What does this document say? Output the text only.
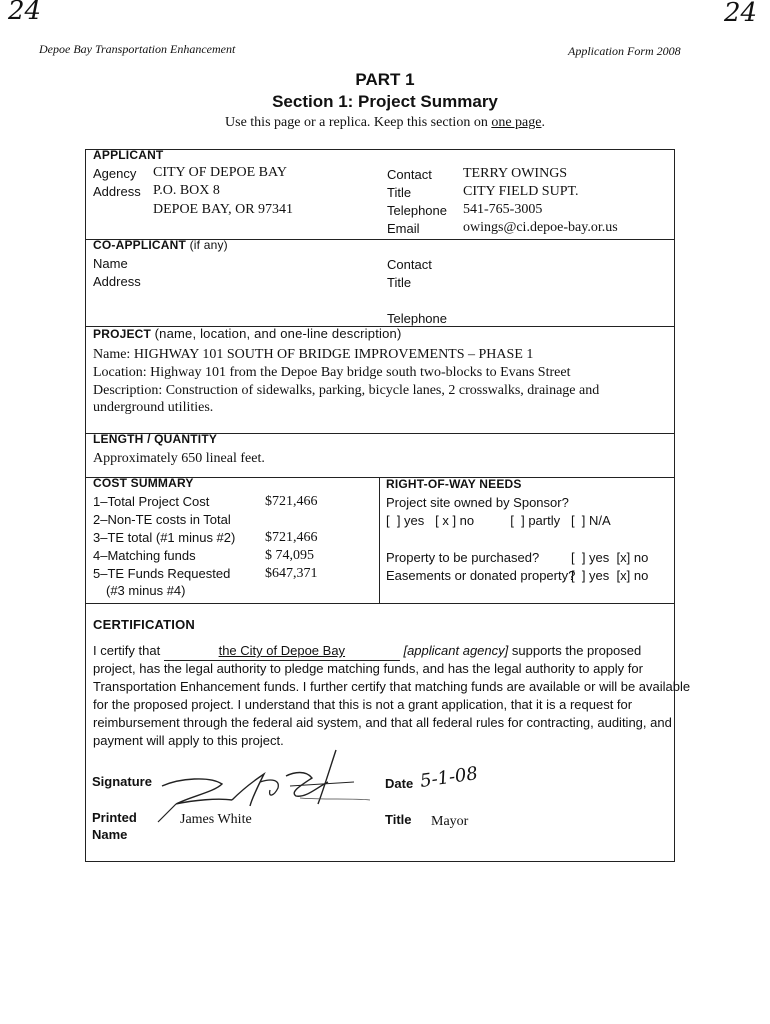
24	24
Depoe Bay Transportation Enhancement	Application Form 2008
PART 1
Section 1: Project Summary
Use this page or a replica. Keep this section on one page.
APPLICANT
Agency CITY OF DEPOE BAY
Address P.O. BOX 8
DEPOE BAY, OR 97341
Contact TERRY OWINGS
Title	CITY FIELD SUPT.
Telephone 541-765-3005
Email	owings@ci.depoe-bay.or.us
CO-APPLICANT (if any)
Name
Address
Contact
Title
Telephone
PROJECT (name, location, and one-line description)
Name: HIGHWAY 101 SOUTH OF BRIDGE IMPROVEMENTS – PHASE 1
Location: Highway 101 from the Depoe Bay bridge south two-blocks to Evans Street
Description: Construction of sidewalks, parking, bicycle lanes, 2 crosswalks, drainage and
underground utilities.
LENGTH / QUANTITY
Approximately 650 lineal feet.
COST SUMMARY
1–Total Project Cost	$721,466
2–Non-TE costs in Total
3–TE total (#1 minus #2) $721,466
4–Matching funds	$ 74,095
5–TE Funds Requested $647,371
(#3 minus #4)
RIGHT-OF-WAY NEEDS
Project site owned by Sponsor?
[  ] yes   [ x ] no          [  ] partly   [  ] N/A
Property to be purchased? [  ] yes  [x] no
Easements or donated property?
[  ] yes  [x] no
CERTIFICATION
I certify that	the City of Depoe Bay	[applicant agency] supports the proposed
project, has the legal authority to pledge matching funds, and has the legal authority to apply for
Transportation Enhancement funds. I further certify that matching funds are available or will be available
for the proposed project. I understand that this is not a grant application, that it is a request for
reimbursement through the federal aid system, and that all federal rules for contracting, auditing, and
payment will apply to this project.
Signature	Date 5-1-08
Printed
Name
James White	Title Mayor
